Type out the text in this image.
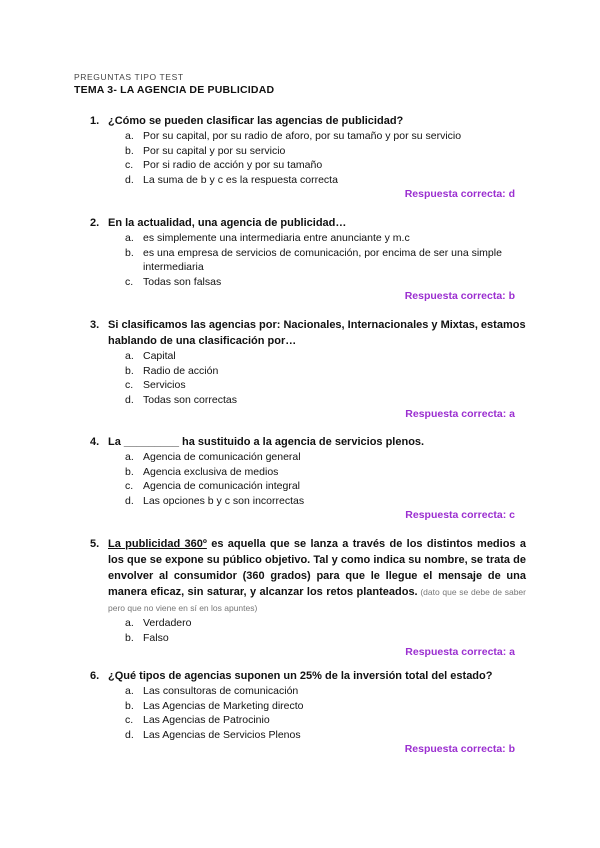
PREGUNTAS TIPO TEST
TEMA 3- LA AGENCIA DE PUBLICIDAD
1. ¿Cómo se pueden clasificar las agencias de publicidad?
a. Por su capital, por su radio de aforo, por su tamaño y por su servicio
b. Por su capital y por su servicio
c. Por si radio de acción y por su tamaño
d. La suma de b y c es la respuesta correcta
Respuesta correcta: d
2. En la actualidad, una agencia de publicidad…
a. es simplemente una intermediaria entre anunciante y m.c
b. es una empresa de servicios de comunicación, por encima de ser una simple intermediaria
c. Todas son falsas
Respuesta correcta: b
3. Si clasificamos las agencias por: Nacionales, Internacionales y Mixtas, estamos hablando de una clasificación por…
a. Capital
b. Radio de acción
c. Servicios
d. Todas son correctas
Respuesta correcta: a
4. La _________ ha sustituido a la agencia de servicios plenos.
a. Agencia de comunicación general
b. Agencia exclusiva de medios
c. Agencia de comunicación integral
d. Las opciones b y c son incorrectas
Respuesta correcta: c
5. La publicidad 360º es aquella que se lanza a través de los distintos medios a los que se expone su público objetivo. Tal y como indica su nombre, se trata de envolver al consumidor (360 grados) para que le llegue el mensaje de una manera eficaz, sin saturar, y alcanzar los retos planteados. (dato que se debe de saber pero que no viene en sí en los apuntes)
a. Verdadero
b. Falso
Respuesta correcta: a
6. ¿Qué tipos de agencias suponen un 25% de la inversión total del estado?
a. Las consultoras de comunicación
b. Las Agencias de Marketing directo
c. Las Agencias de Patrocinio
d. Las Agencias de Servicios Plenos
Respuesta correcta: b
